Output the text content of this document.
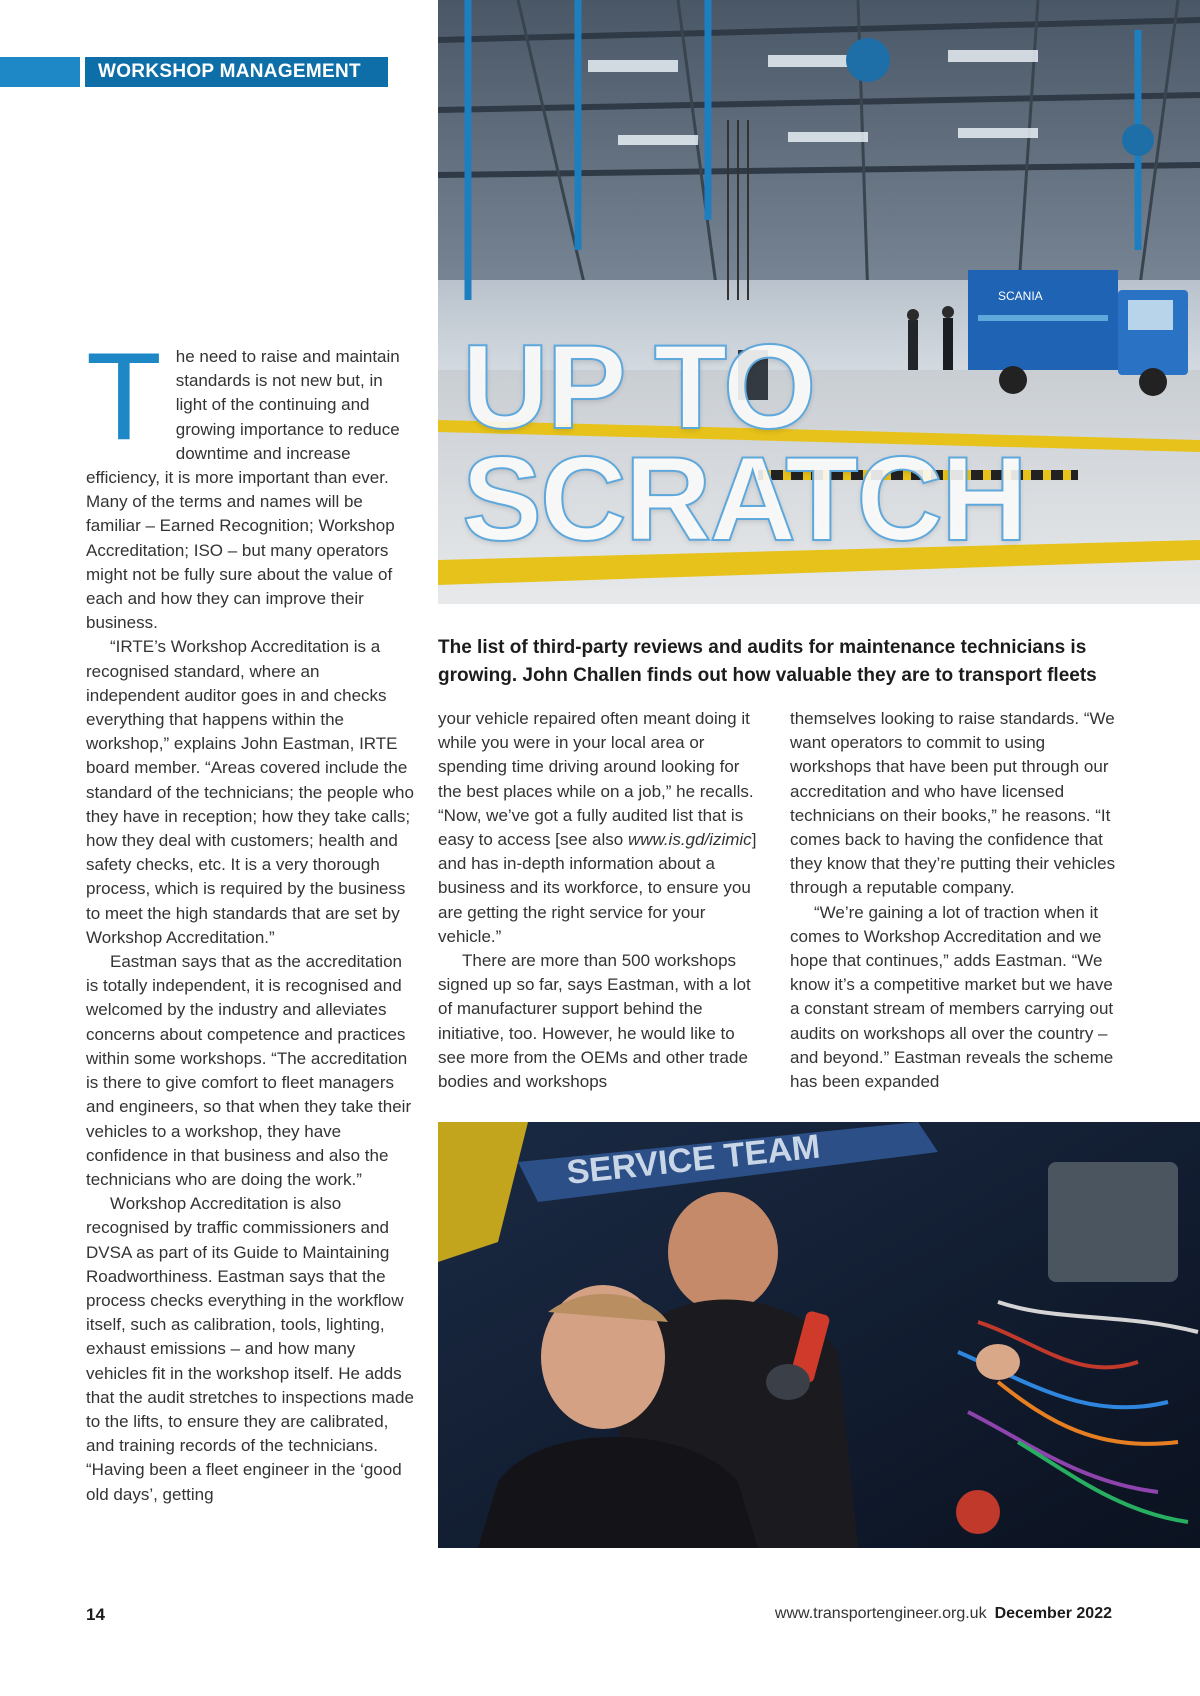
WORKSHOP MANAGEMENT
SCANIA
UP TO
SCRATCH
The list of third-party reviews and audits for maintenance technicians is growing. John Challen finds out how valuable they are to transport fleets
T he need to raise and maintain standards is not new but, in light of the continuing and growing importance to reduce downtime and increase efficiency, it is more important than ever. Many of the terms and names will be familiar – Earned Recognition; Workshop Accreditation; ISO – but many operators might not be fully sure about the value of each and how they can improve their business.

“IRTE’s Workshop Accreditation is a recognised standard, where an independent auditor goes in and checks everything that happens within the workshop,” explains John Eastman, IRTE board member. “Areas covered include the standard of the technicians; the people who they have in reception; how they take calls; how they deal with customers; health and safety checks, etc. It is a very thorough process, which is required by the business to meet the high standards that are set by Workshop Accreditation.”

Eastman says that as the accreditation is totally independent, it is recognised and welcomed by the industry and alleviates concerns about competence and practices within some workshops. “The accreditation is there to give comfort to fleet managers and engineers, so that when they take their vehicles to a workshop, they have confidence in that business and also the technicians who are doing the work.”

Workshop Accreditation is also recognised by traffic commissioners and DVSA as part of its Guide to Maintaining Roadworthiness. Eastman says that the process checks everything in the workflow itself, such as calibration, tools, lighting, exhaust emissions – and how many vehicles fit in the workshop itself. He adds that the audit stretches to inspections made to the lifts, to ensure they are calibrated, and training records of the technicians. “Having been a fleet engineer in the ‘good old days’, getting

your vehicle repaired often meant doing it while you were in your local area or spending time driving around looking for the best places while on a job,” he recalls. “Now, we’ve got a fully audited list that is easy to access [see also www.is.gd/izimic] and has in-depth information about a business and its workforce, to ensure you are getting the right service for your vehicle.”

There are more than 500 workshops signed up so far, says Eastman, with a lot of manufacturer support behind the initiative, too. However, he would like to see more from the OEMs and other trade bodies and workshops

themselves looking to raise standards. “We want operators to commit to using workshops that have been put through our accreditation and who have licensed technicians on their books,” he reasons. “It comes back to having the confidence that they know that they’re putting their vehicles through a reputable company.

“We’re gaining a lot of traction when it comes to Workshop Accreditation and we hope that continues,” adds Eastman. “We know it’s a competitive market but we have a constant stream of members carrying out audits on workshops all over the country – and beyond.” Eastman reveals the scheme has been expanded

SERVICE TEAM
14	www.transportengineer.org.uk December 2022
